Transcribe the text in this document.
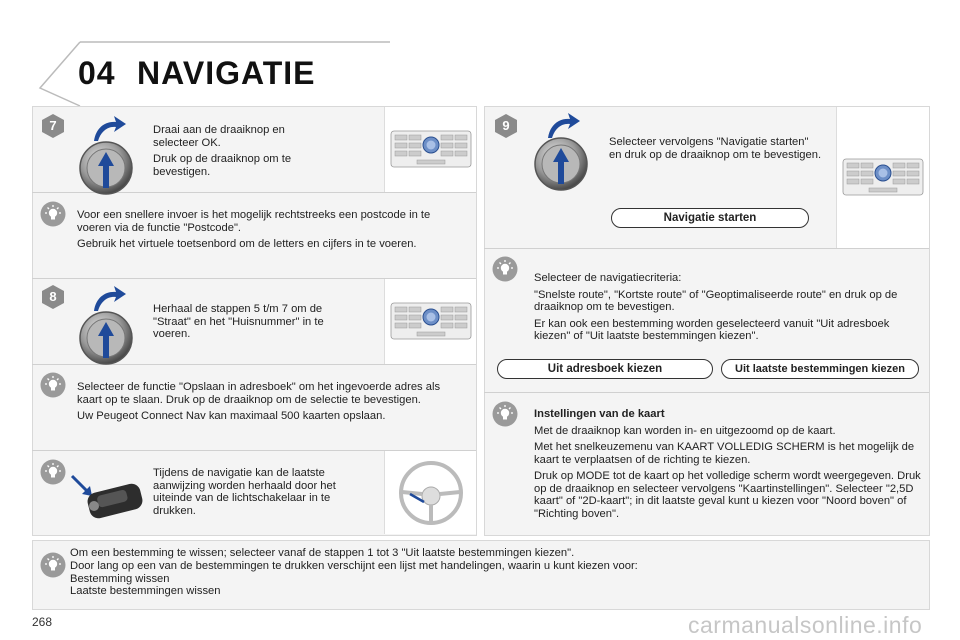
04 NAVIGATIE
7	Draai aan de draaiknop en selecteer OK.

Druk op de draaiknop om te bevestigen.

Voor een snellere invoer is het mogelijk rechtstreeks een postcode in te voeren via de functie "Postcode".

Gebruik het virtuele toetsenbord om de letters en cijfers in te voeren.

8

Herhaal de stappen 5 t/m 7 om de "Straat" en het "Huisnummer" in te voeren.

Selecteer de functie "Opslaan in adresboek" om het ingevoerde adres als kaart op te slaan. Druk op de draaiknop om de selectie te bevestigen.

Uw Peugeot Connect Nav kan maximaal 500 kaarten opslaan.

Tijdens de navigatie kan de laatste aanwijzing worden herhaald door het uiteinde van de lichtschakelaar in te drukken.

9

Selecteer vervolgens "Navigatie starten" en druk op de draaiknop om te bevestigen.

Navigatie starten

Selecteer de navigatiecriteria:

"Snelste route", "Kortste route" of "Geoptimaliseerde route" en druk op de draaiknop om te bevestigen.

Er kan ook een bestemming worden geselecteerd vanuit "Uit adresboek kiezen" of "Uit laatste bestemmingen kiezen".

Uit adresboek kiezen	Uit laatste bestemmingen kiezen

Instellingen van de kaart

Met de draaiknop kan worden in- en uitgezoomd op de kaart.

Met het snelkeuzemenu van KAART VOLLEDIG SCHERM is het mogelijk de kaart te verplaatsen of de richting te kiezen.

Druk op MODE tot de kaart op het volledige scherm wordt weergegeven. Druk op de draaiknop en selecteer vervolgens "Kaartinstellingen". Selecteer "2,5D kaart" of "2D-kaart"; in dit laatste geval kunt u kiezen voor "Noord boven" of "Richting boven".

Om een bestemming te wissen; selecteer vanaf de stappen 1 tot 3 "Uit laatste bestemmingen kiezen".
Door lang op een van de bestemmingen te drukken verschijnt een lijst met handelingen, waarin u kunt kiezen voor:
Bestemming wissen
Laatste bestemmingen wissen
268	carmanualsonline.info
